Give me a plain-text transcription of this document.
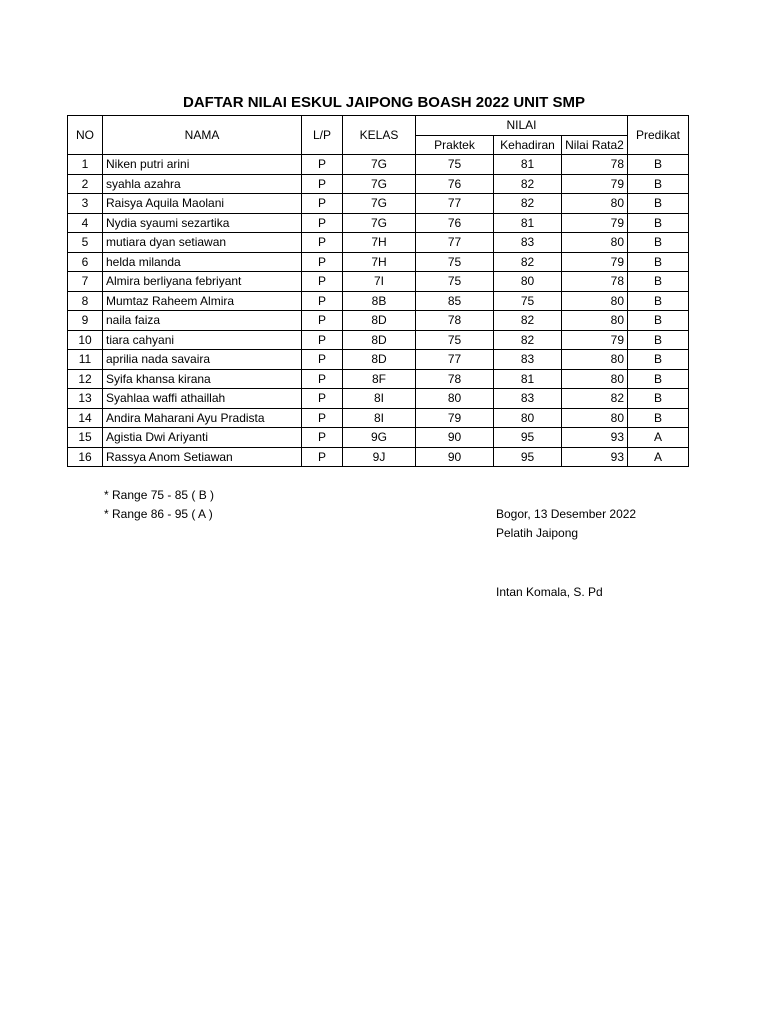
DAFTAR NILAI ESKUL JAIPONG BOASH 2022 UNIT SMP
NO	NAMA	L/P	KELAS	NILAI			Predikat
				Praktek	Kehadiran	Nilai Rata2	
1	Niken putri arini	P	7G	75	81	78	B
2	syahla azahra	P	7G	76	82	79	B
3	Raisya Aquila Maolani	P	7G	77	82	80	B
4	Nydia syaumi sezartika	P	7G	76	81	79	B
5	mutiara dyan setiawan	P	7H	77	83	80	B
6	helda milanda	P	7H	75	82	79	B
7	Almira berliyana febriyant	P	7I	75	80	78	B
8	Mumtaz Raheem Almira	P	8B	85	75	80	B
9	naila faiza	P	8D	78	82	80	B
10	tiara cahyani	P	8D	75	82	79	B
11	aprilia nada savaira	P	8D	77	83	80	B
12	Syifa khansa kirana	P	8F	78	81	80	B
13	Syahlaa waffi athaillah	P	8I	80	83	82	B
14	Andira Maharani Ayu Pradista	P	8I	79	80	80	B
15	Agistia Dwi Ariyanti	P	9G	90	95	93	A
16	Rassya Anom Setiawan	P	9J	90	95	93	A
* Range 75 - 85 ( B )
* Range 86 - 95 ( A )	Bogor, 13 Desember 2022
Pelatih Jaipong
Intan Komala, S. Pd
